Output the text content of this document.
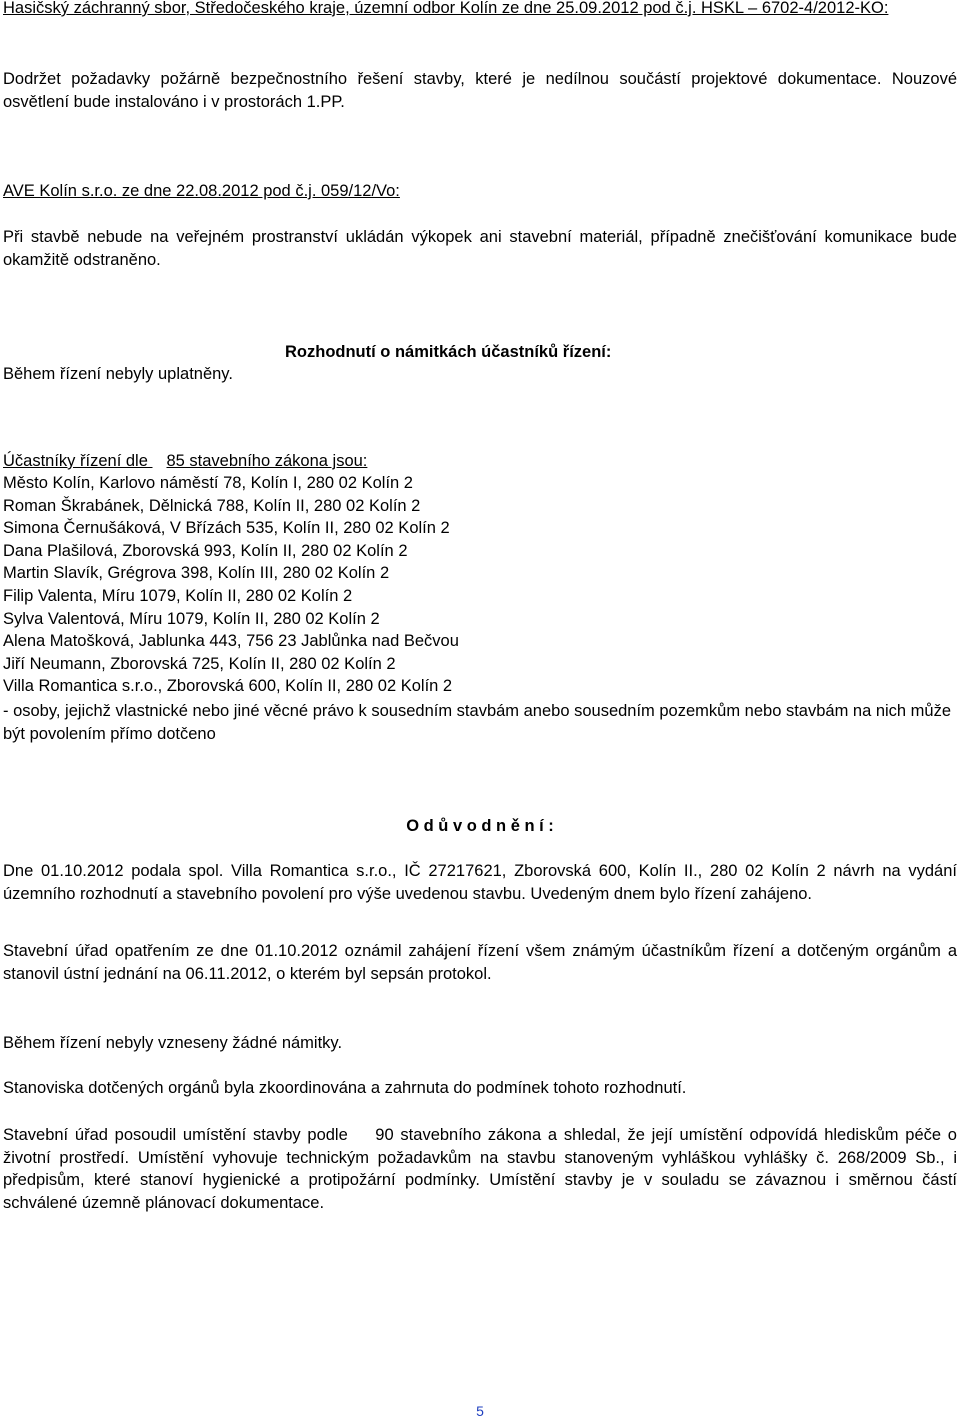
Hasičský záchranný sbor, Středočeského kraje, územní odbor Kolín ze dne 25.09.2012 pod č.j. HSKL – 6702-4/2012-KO:
Dodržet požadavky požárně bezpečnostního řešení stavby, které je nedílnou součástí projektové dokumentace. Nouzové osvětlení bude instalováno i v prostorách 1.PP.
AVE Kolín s.r.o. ze dne 22.08.2012 pod č.j. 059/12/Vo:
Při stavbě nebude na veřejném prostranství ukládán výkopek ani stavební materiál, případně znečišťování komunikace bude okamžitě odstraněno.
Rozhodnutí o námitkách účastníků řízení:
Během řízení nebyly uplatněny.
Účastníky řízení dle 85 stavebního zákona jsou:
Město Kolín, Karlovo náměstí 78, Kolín I, 280 02 Kolín 2
Roman Škrabánek, Dělnická 788, Kolín II, 280 02 Kolín 2
Simona Černušáková, V Břízách 535, Kolín II, 280 02 Kolín 2
Dana Plašilová, Zborovská 993, Kolín II, 280 02 Kolín 2
Martin Slavík, Grégrova 398, Kolín III, 280 02 Kolín 2
Filip Valenta, Míru 1079, Kolín II, 280 02 Kolín 2
Sylva Valentová, Míru 1079, Kolín II, 280 02 Kolín 2
Alena Matošková, Jablunka 443, 756 23 Jablůnka nad Bečvou
Jiří Neumann, Zborovská 725, Kolín II, 280 02 Kolín 2
Villa Romantica s.r.o., Zborovská 600, Kolín II, 280 02 Kolín 2
- osoby, jejichž vlastnické nebo jiné věcné právo k sousedním stavbám anebo sousedním pozemkům nebo stavbám na nich může být povolením přímo dotčeno
O d ů v o d n ě n í :
Dne 01.10.2012 podala spol. Villa Romantica s.r.o., IČ 27217621, Zborovská 600, Kolín II., 280 02 Kolín 2 návrh na vydání územního rozhodnutí a stavebního povolení pro výše uvedenou stavbu. Uvedeným dnem bylo řízení zahájeno.
Stavební úřad opatřením ze dne 01.10.2012 oznámil zahájení řízení všem známým účastníkům řízení a dotčeným orgánům a stanovil ústní jednání na 06.11.2012, o kterém byl sepsán protokol.
Během řízení nebyly vzneseny žádné námitky.
Stanoviska dotčených orgánů byla zkoordinována a zahrnuta do podmínek tohoto rozhodnutí.
Stavební úřad posoudil umístění stavby podle  90 stavebního zákona a shledal, že její umístění odpovídá hlediskům péče o životní prostředí. Umístění vyhovuje technickým požadavkům na stavbu stanoveným vyhláškou vyhlášky č. 268/2009 Sb., i předpisům, které stanoví hygienické a protipožární podmínky. Umístění stavby je v souladu se závaznou i směrnou částí schválené územně plánovací dokumentace.
5
